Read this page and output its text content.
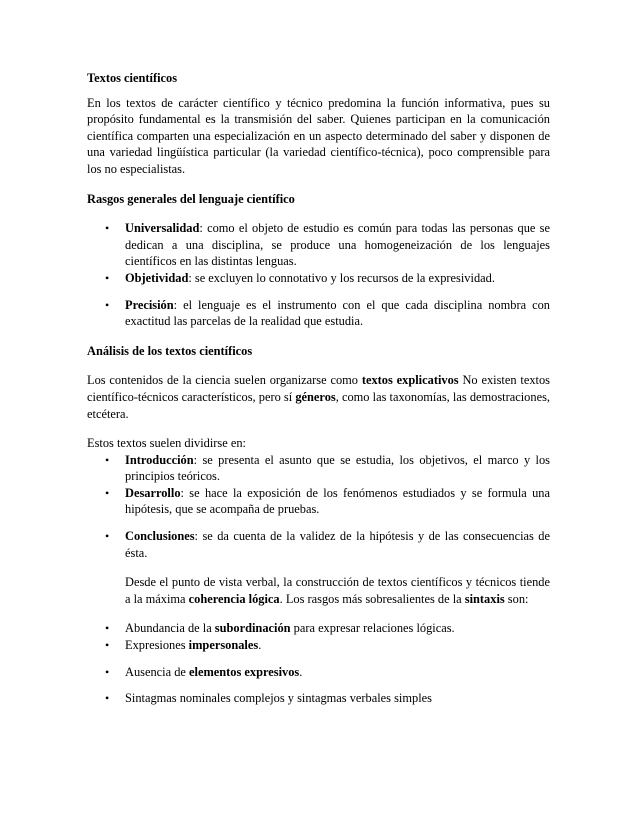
Textos científicos

En los textos de carácter científico y técnico predomina la función informativa, pues su propósito fundamental es la transmisión del saber. Quienes participan en la comunicación científica comparten una especialización en un aspecto determinado del saber y disponen de una variedad lingüística particular (la variedad científico-técnica), poco comprensible para los no especialistas.

Rasgos generales del lenguaje científico
• Universalidad: como el objeto de estudio es común para todas las personas que se dedican a una disciplina, se produce una homogeneización de los lenguajes científicos en las distintas lenguas.
• Objetividad: se excluyen lo connotativo y los recursos de la expresividad.
• Precisión: el lenguaje es el instrumento con el que cada disciplina nombra con exactitud las parcelas de la realidad que estudia.
Análisis de los textos científicos

Los contenidos de la ciencia suelen organizarse como textos explicativos No existen textos científico-técnicos característicos, pero sí géneros, como las taxonomías, las demostraciones, etcétera.

Estos textos suelen dividirse en:

• Introducción: se presenta el asunto que se estudia, los objetivos, el marco y los principios teóricos.
• Desarrollo: se hace la exposición de los fenómenos estudiados y se formula una hipótesis, que se acompaña de pruebas.
• Conclusiones: se da cuenta de la validez de la hipótesis y de las consecuencias de ésta.
Desde el punto de vista verbal, la construcción de textos científicos y técnicos tiende a la máxima coherencia lógica. Los rasgos más sobresalientes de la sintaxis son:
• Abundancia de la subordinación para expresar relaciones lógicas.
• Expresiones impersonales.
• Ausencia de elementos expresivos.
• Sintagmas nominales complejos y sintagmas verbales simples
